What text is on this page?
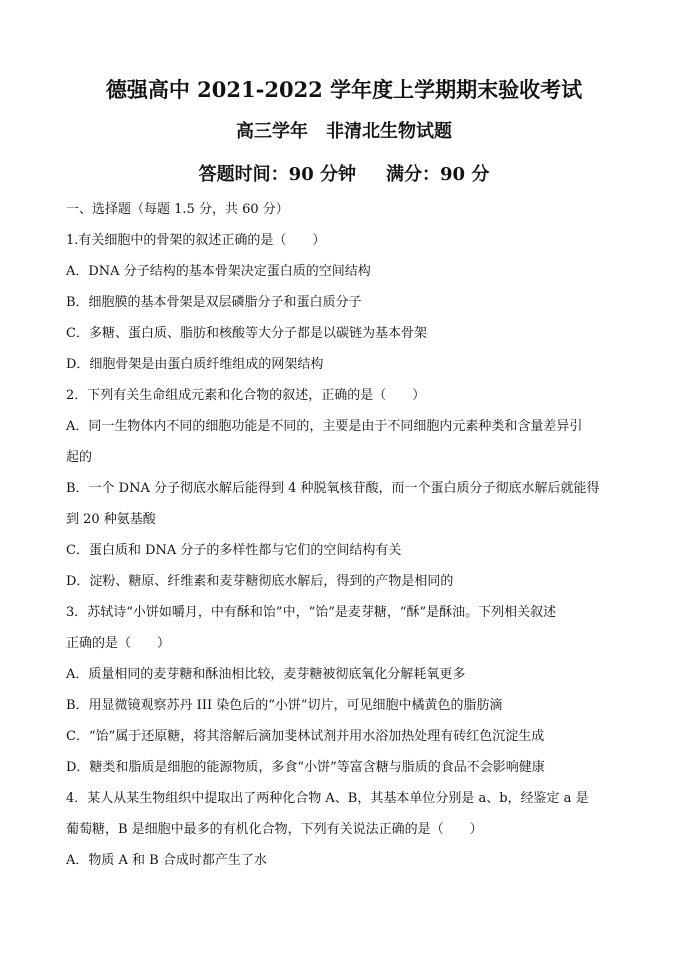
德强高中 2021-2022 学年度上学期期末验收考试
高三学年 非清北生物试题
答题时间：90 分钟 满分：90 分
一、选择题（每题 1.5 分，共 60 分）
1.有关细胞中的骨架的叙述正确的是（　　）
A．DNA 分子结构的基本骨架决定蛋白质的空间结构
B．细胞膜的基本骨架是双层磷脂分子和蛋白质分子
C．多糖、蛋白质、脂肪和核酸等大分子都是以碳链为基本骨架
D．细胞骨架是由蛋白质纤维组成的网架结构
2．下列有关生命组成元素和化合物的叙述，正确的是（　　）
A．同一生物体内不同的细胞功能是不同的，主要是由于不同细胞内元素种类和含量差异引
起的
B．一个 DNA 分子彻底水解后能得到 4 种脱氧核苷酸，而一个蛋白质分子彻底水解后就能得
到 20 种氨基酸
C．蛋白质和 DNA 分子的多样性都与它们的空间结构有关
D．淀粉、糖原、纤维素和麦芽糖彻底水解后，得到的产物是相同的
3．苏轼诗“小饼如嚼月，中有酥和饴”中，“饴”是麦芽糖，“酥”是酥油。下列相关叙述
正确的是（　　）
A．质量相同的麦芽糖和酥油相比较，麦芽糖被彻底氧化分解耗氧更多
B．用显微镜观察苏丹 III 染色后的“小饼”切片，可见细胞中橘黄色的脂肪滴
C．“饴”属于还原糖，将其溶解后滴加斐林试剂并用水浴加热处理有砖红色沉淀生成
D．糖类和脂质是细胞的能源物质，多食“小饼”等富含糖与脂质的食品不会影响健康
4．某人从某生物组织中提取出了两种化合物 A、B，其基本单位分别是 a、b，经鉴定 a 是
葡萄糖，B 是细胞中最多的有机化合物，下列有关说法正确的是（　　）
A．物质 A 和 B 合成时都产生了水
